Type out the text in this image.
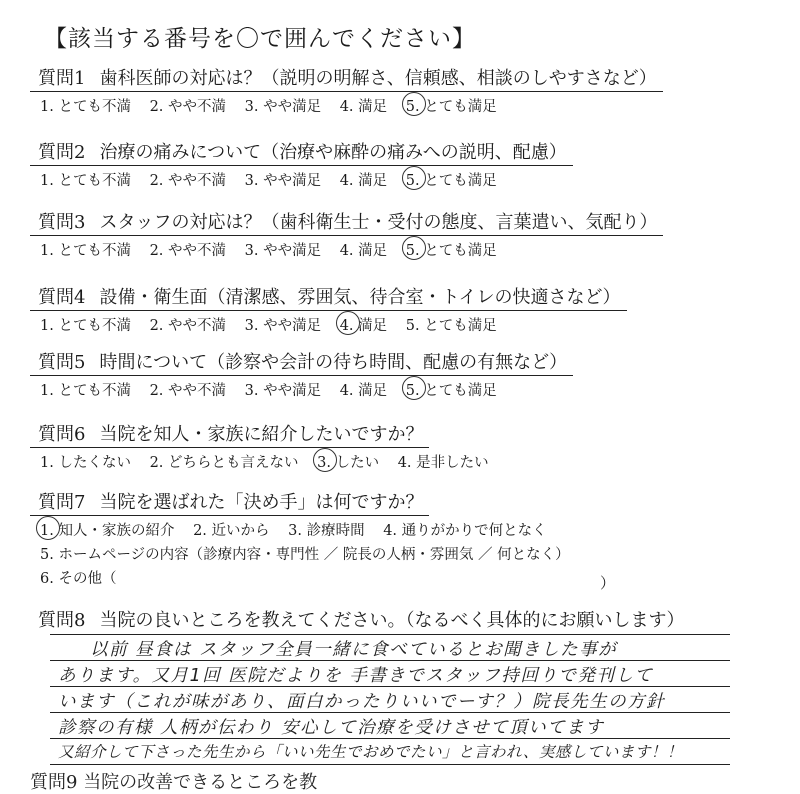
【該当する番号を〇で囲んでください】
質問1 歯科医師の対応は？（説明の明解さ、信頼感、相談のしやすさなど）
1. とても不満 2. やや不満 3. やや満足 4. 満足 5. とても満足
質問2 治療の痛みについて（治療や麻酔の痛みへの説明、配慮）
1. とても不満 2. やや不満 3. やや満足 4. 満足 5. とても満足
質問3 スタッフの対応は？（歯科衛生士・受付の態度、言葉遣い、気配り）
1. とても不満 2. やや不満 3. やや満足 4. 満足 5. とても満足
質問4 設備・衛生面（清潔感、雰囲気、待合室・トイレの快適さなど）
1. とても不満 2. やや不満 3. やや満足 4. 満足 5. とても満足
質問5 時間について（診察や会計の待ち時間、配慮の有無など）
1. とても不満 2. やや不満 3. やや満足 4. 満足 5. とても満足
質問6 当院を知人・家族に紹介したいですか？
1. したくない 2. どちらとも言えない 3. したい 4. 是非したい
質問7 当院を選ばれた「決め手」は何ですか？
1. 知人・家族の紹介 2. 近いから 3. 診療時間 4. 通りがかりで何となく
5. ホームページの内容（診療内容・専門性 ／ 院長の人柄・雰囲気 ／ 何となく）
6. その他（	）
質問8 当院の良いところを教えてください。（なるべく具体的にお願いします）
以前 昼食は スタッフ全員一緒に食べているとお聞きした事が
あります。又月1回 医院だよりを 手書きでスタッフ持回りで発刊して
います（これが味があり、面白かったりいいでーす？）院長先生の方針
診察の有様 人柄が伝わり 安心して治療を受けさせて頂いてます
又紹介して下さった先生から「いい先生でおめでたい」と言われ、実感しています！！
質問9 当院の改善できるところを教
